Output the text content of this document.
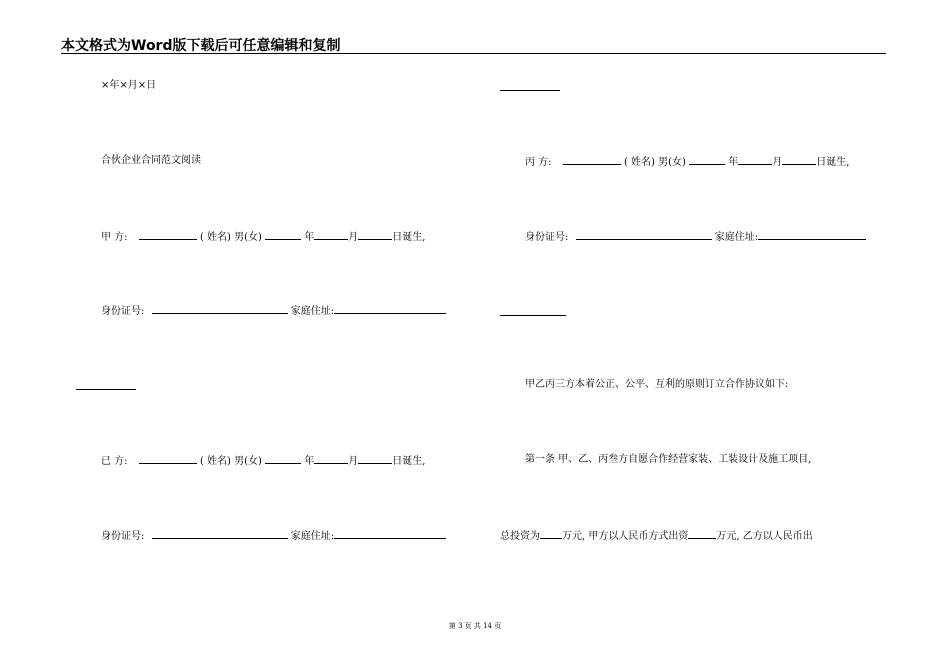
本文格式为Word版下载后可任意编辑和复制
×年×月×日
合伙企业合同范文阅读
甲 方:	( 姓名) 男(女)	年	月	日诞生,
身份证号:	家庭住址:
已 方:	( 姓名) 男(女)	年	月	日诞生,
身份证号:	家庭住址:
丙 方:	( 姓名) 男(女)	年	月	日诞生,
身份证号:	家庭住址:
甲乙丙三方本着公正、公平、互利的原则订立合作协议如下:
第一条 甲、乙、丙叁方自愿合作经营家装、工装设计及施工项目,
总投资为 万元, 甲方以人民币方式出资	万元, 乙方以人民币出
第 3 页 共 14 页
